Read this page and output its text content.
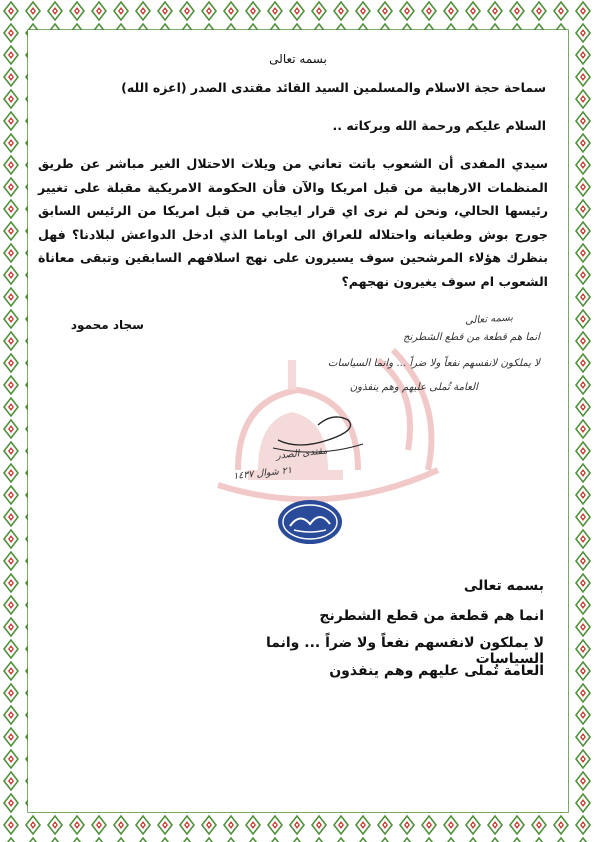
بسمه تعالى
سماحة حجة الاسلام والمسلمين السيد القائد مقتدى الصدر (اعزه الله)
السلام عليكم ورحمة الله وبركاته ..
سيدي المفدى أن الشعوب باتت تعاني من ويلات الاحتلال الغير مباشر عن طريق المنظمات الارهابية من قبل امريكا والآن فأن الحكومة الامريكية مقبلة على تغيير رئيسها الحالي، ونحن لم نرى اي قرار ايجابي من قبل امريكا من الرئيس السابق جورج بوش وطغيانه واحتلاله للعراق الى اوباما الذي ادخل الدواعش لبلادنا؟ فهل بنظرك هؤلاء المرشحين سوف يسيرون على نهج اسلافهم السابقين وتبقى معاناة الشعوب ام سوف يغيرون نهجهم؟
سجاد محمود	بسمه تعالى
انما هم قطعة من قطع الشطرنج
لا يملكون لانفسهم نفعاً ولا ضراً ... وانما السياسات
العامة تُملى عليهم وهم ينفذون
مقتدى الصدر
٢١ شوال ١٤٣٧
بسمه تعالى
انما هم قطعة من قطع الشطرنج
لا يملكون لانفسهم نفعاً ولا ضراً ... وانما السياسات
العامة تُملى عليهم وهم ينفذون
